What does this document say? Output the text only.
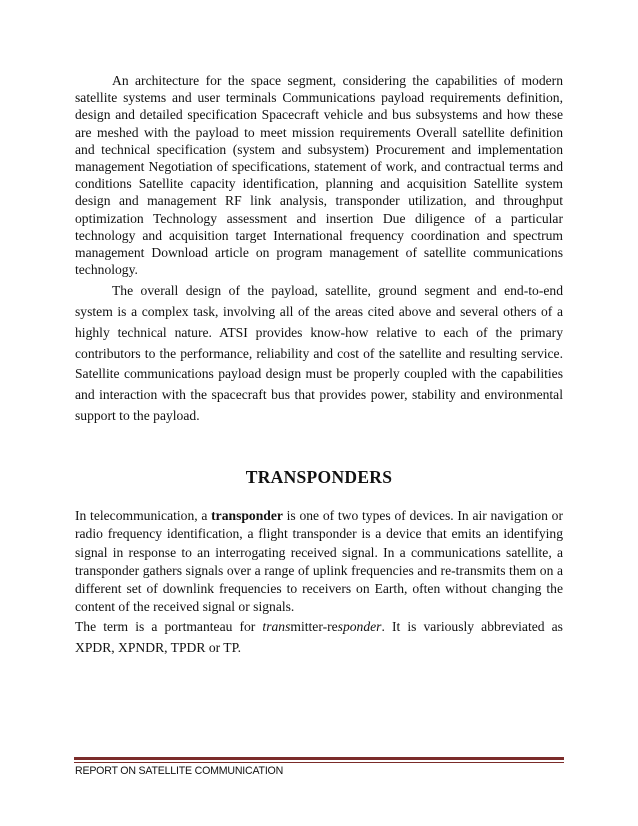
An architecture for the space segment, considering the capabilities of modern satellite systems and user terminals Communications payload requirements definition, design and detailed specification Spacecraft vehicle and bus subsystems and how these are meshed with the payload to meet mission requirements Overall satellite definition and technical specification (system and subsystem) Procurement and implementation management Negotiation of specifications, statement of work, and contractual terms and conditions Satellite capacity identification, planning and acquisition Satellite system design and management RF link analysis, transponder utilization, and throughput optimization Technology assessment and insertion Due diligence of a particular technology and acquisition target International frequency coordination and spectrum management Download article on program management of satellite communications technology.

The overall design of the payload, satellite, ground segment and end-to-end system is a complex task, involving all of the areas cited above and several others of a highly technical nature. ATSI provides know-how relative to each of the primary contributors to the performance, reliability and cost of the satellite and resulting service. Satellite communications payload design must be properly coupled with the capabilities and interaction with the spacecraft bus that provides power, stability and environmental support to the payload.

TRANSPONDERS

In telecommunication, a transponder is one of two types of devices. In air navigation or radio frequency identification, a flight transponder is a device that emits an identifying signal in response to an interrogating received signal. In a communications satellite, a transponder gathers signals over a range of uplink frequencies and re-transmits them on a different set of downlink frequencies to receivers on Earth, often without changing the content of the received signal or signals.

The term is a portmanteau for transmitter-responder. It is variously abbreviated as XPDR, XPNDR, TPDR or TP.

REPORT ON SATELLITE COMMUNICATION
